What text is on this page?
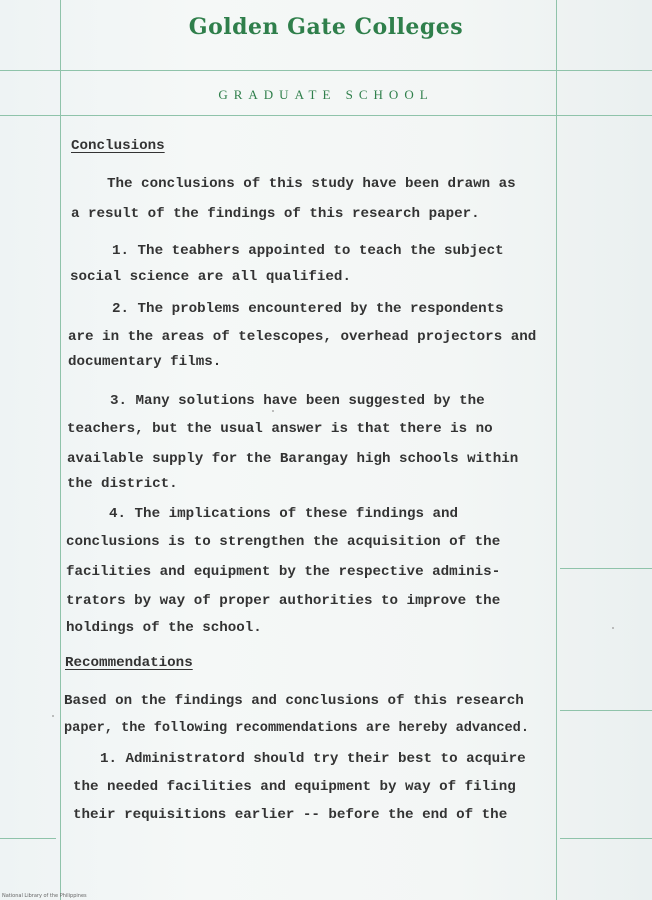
Golden Gate Colleges
GRADUATE SCHOOL
Conclusions
The conclusions of this study have been drawn as
a result of the findings of this research paper.
1. The teabhers appointed to teach the subject
social science are all qualified.
2. The problems encountered by the respondents
are in the areas of telescopes, overhead projectors and
documentary films.
3. Many solutions have been suggested by the
teachers, but the usual answer is that there is no
available supply for the Barangay high schools within
the district.
4. The implications of these findings and
conclusions is to strengthen the acquisition of the
facilities and equipment by the respective adminis-
trators by way of proper authorities to improve the
holdings of the school.
Recommendations
Based on the findings and conclusions of this research
paper, the following recommendations are hereby advanced.
1. Administratord should try their best to acquire
the needed facilities and equipment by way of filing
their requisitions earlier -- before the end of the
National Library of the Philippines
